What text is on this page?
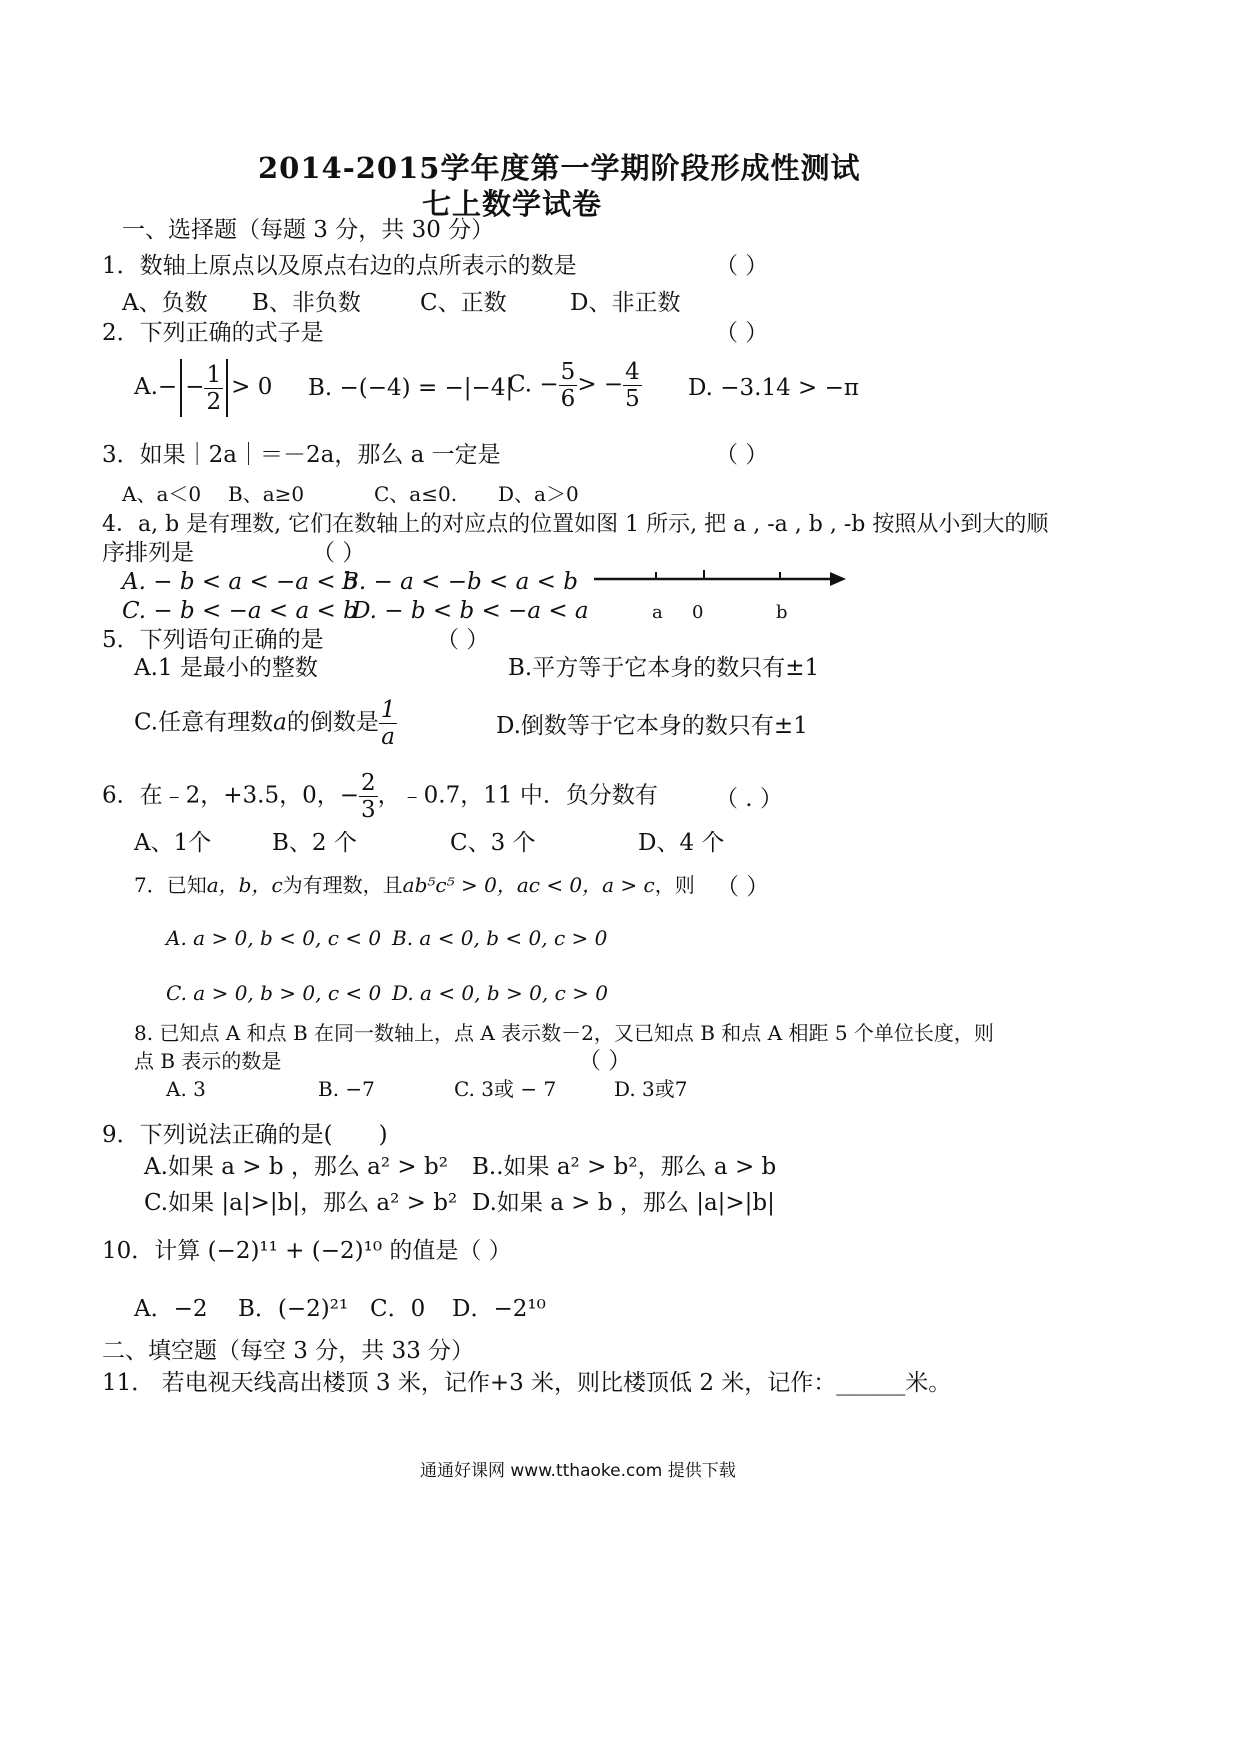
2014-2015学年度第一学期阶段形成性测试
七上数学试卷
一、选择题（每题 3 分，共 30 分）
1．数轴上原点以及原点右边的点所表示的数是	（ ）
A、负数 B、非负数	C、正数	D、非正数
2．下列正确的式子是	（ ）
$A.- - \frac{1}{2} > 0$ B. −(−4) = −|−4|
C. − $\frac{5}{6}$ > − $\frac{4}{5} D$. −3.14 > −π
3．如果｜2a｜＝－2a，那么 a 一定是	（ ）
A、a＜0 B、a≥0	C、a≤0. D、a＞0
4．a, b 是有理数, 它们在数轴上的对应点的位置如图 1 所示, 把 a , -a , b , -b 按照从小到大的顺
序排列是	（ ）
A. − b < a < −a < b
B. − a < −b < a < b
C. − b < −a < a < b
D. − b < b < −a < a	a 0	b
5．下列语句正确的是	（ ）
A.1 是最小的整数	B.平方等于它本身的数只有±1
C.任意有理数a的倒数是 $\frac{1}{a}$	D.倒数等于它本身的数只有±1
6．在﹣2，+3.5，0，− $\frac{2}{3}$ ，﹣0.7，11 中．负分数有 （ . ）
A、1个	B、2 个	C、3 个	D、4 个
7．已知a，b，c为有理数，且ab⁵c⁵ > 0，ac < 0，a > c，则 （ ）
A. a > 0, b < 0, c < 0 B. a < 0, b < 0, c > 0
C. a > 0, b > 0, c < 0 D. a < 0, b > 0, c > 0
8. 已知点 A 和点 B 在同一数轴上，点 A 表示数－2，又已知点 B 和点 A 相距 5 个单位长度，则
点 B 表示的数是	（ ）
A. 3	B. −7	C. 3或 − 7	D. 3或7
9．下列说法正确的是(　　)
A.如果 a > b ，那么 a² > b² B..如果 a² > b²，那么 a > b
C.如果 |a|>|b|，那么 a² > b² D.如果 a > b ，那么 |a|>|b|
10．计算 (−2)¹¹ + (−2)¹⁰ 的值是（ ）
A．−2 B．(−2)²¹ C．0 D．−2¹⁰
二、填空题（每空 3 分，共 33 分）
11． 若电视天线高出楼顶 3 米，记作+3 米，则比楼顶低 2 米，记作：______米。
通通好课网 www.tthaoke.com 提供下载
